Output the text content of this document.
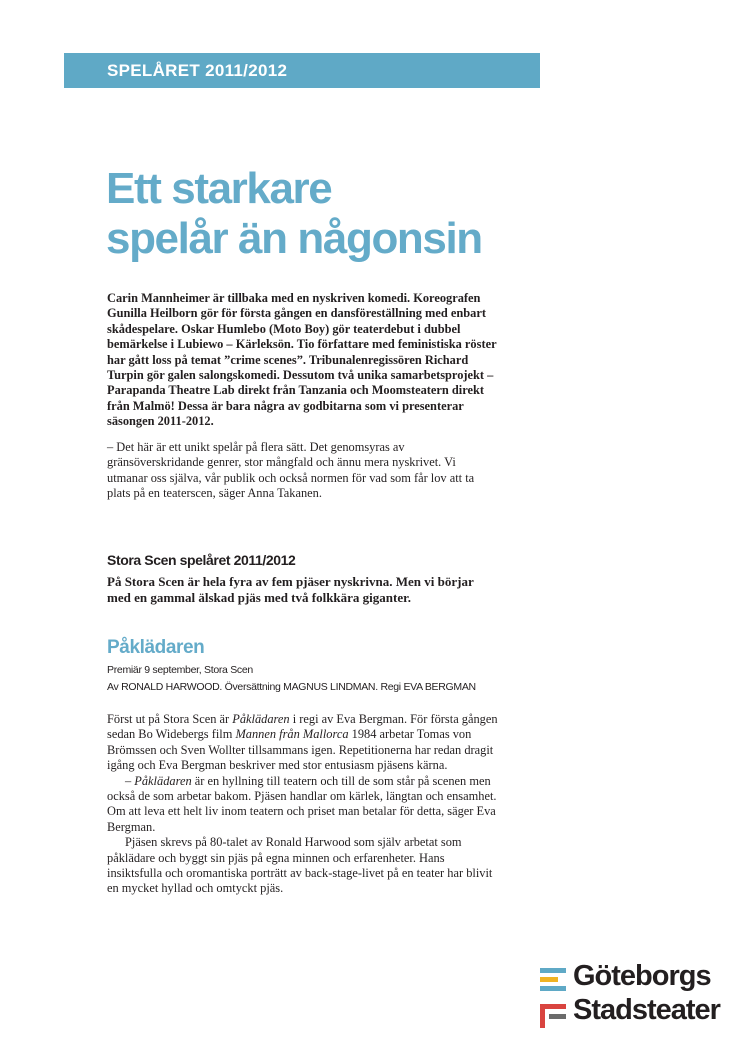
SPELÅRET 2011/2012
Ett starkare
spelår än någonsin

Carin Mannheimer är tillbaka med en nyskriven komedi. Koreografen Gunilla Heilborn gör för första gången en dansföreställning med enbart skådespelare. Oskar Humlebo (Moto Boy) gör teaterdebut i dubbel bemärkelse i Lubiewo – Kärleksön. Tio författare med feministiska röster har gått loss på temat ”crime scenes”. Tribunalenregissören Richard Turpin gör galen salongskomedi. Dessutom två unika samarbetsprojekt – Parapanda Theatre Lab direkt från Tanzania och Moomsteatern direkt från Malmö! Dessa är bara några av godbitarna som vi presenterar säsongen 2011-2012.

– Det här är ett unikt spelår på flera sätt. Det genomsyras av gränsöverskridande genrer, stor mångfald och ännu mera nyskrivet. Vi utmanar oss själva, vår publik och också normen för vad som får lov att ta plats på en teaterscen, säger Anna Takanen.

Stora Scen spelåret 2011/2012

På Stora Scen är hela fyra av fem pjäser nyskrivna. Men vi börjar med en gammal älskad pjäs med två folkkära giganter.

Påklädaren

Premiär 9 september, Stora Scen

Av RONALD HARWOOD. Översättning MAGNUS LINDMAN. Regi EVA BERGMAN

Först ut på Stora Scen är Påklädaren i regi av Eva Bergman. För första gången sedan Bo Widebergs film Mannen från Mallorca 1984 arbetar Tomas von Brömssen och Sven Wollter tillsammans igen. Repetitionerna har redan dragit igång och Eva Bergman beskriver med stor entusiasm pjäsens kärna.

– Påklädaren är en hyllning till teatern och till de som står på scenen men också de som arbetar bakom. Pjäsen handlar om kärlek, längtan och ensamhet. Om att leva ett helt liv inom teatern och priset man betalar för detta, säger Eva Bergman.

Pjäsen skrevs på 80-talet av Ronald Harwood som själv arbetat som påklädare och byggt sin pjäs på egna minnen och erfarenheter. Hans insiktsfulla och oromantiska porträtt av back-stage-livet på en teater har blivit en mycket hyllad och omtyckt pjäs.

Göteborgs
Stadsteater
